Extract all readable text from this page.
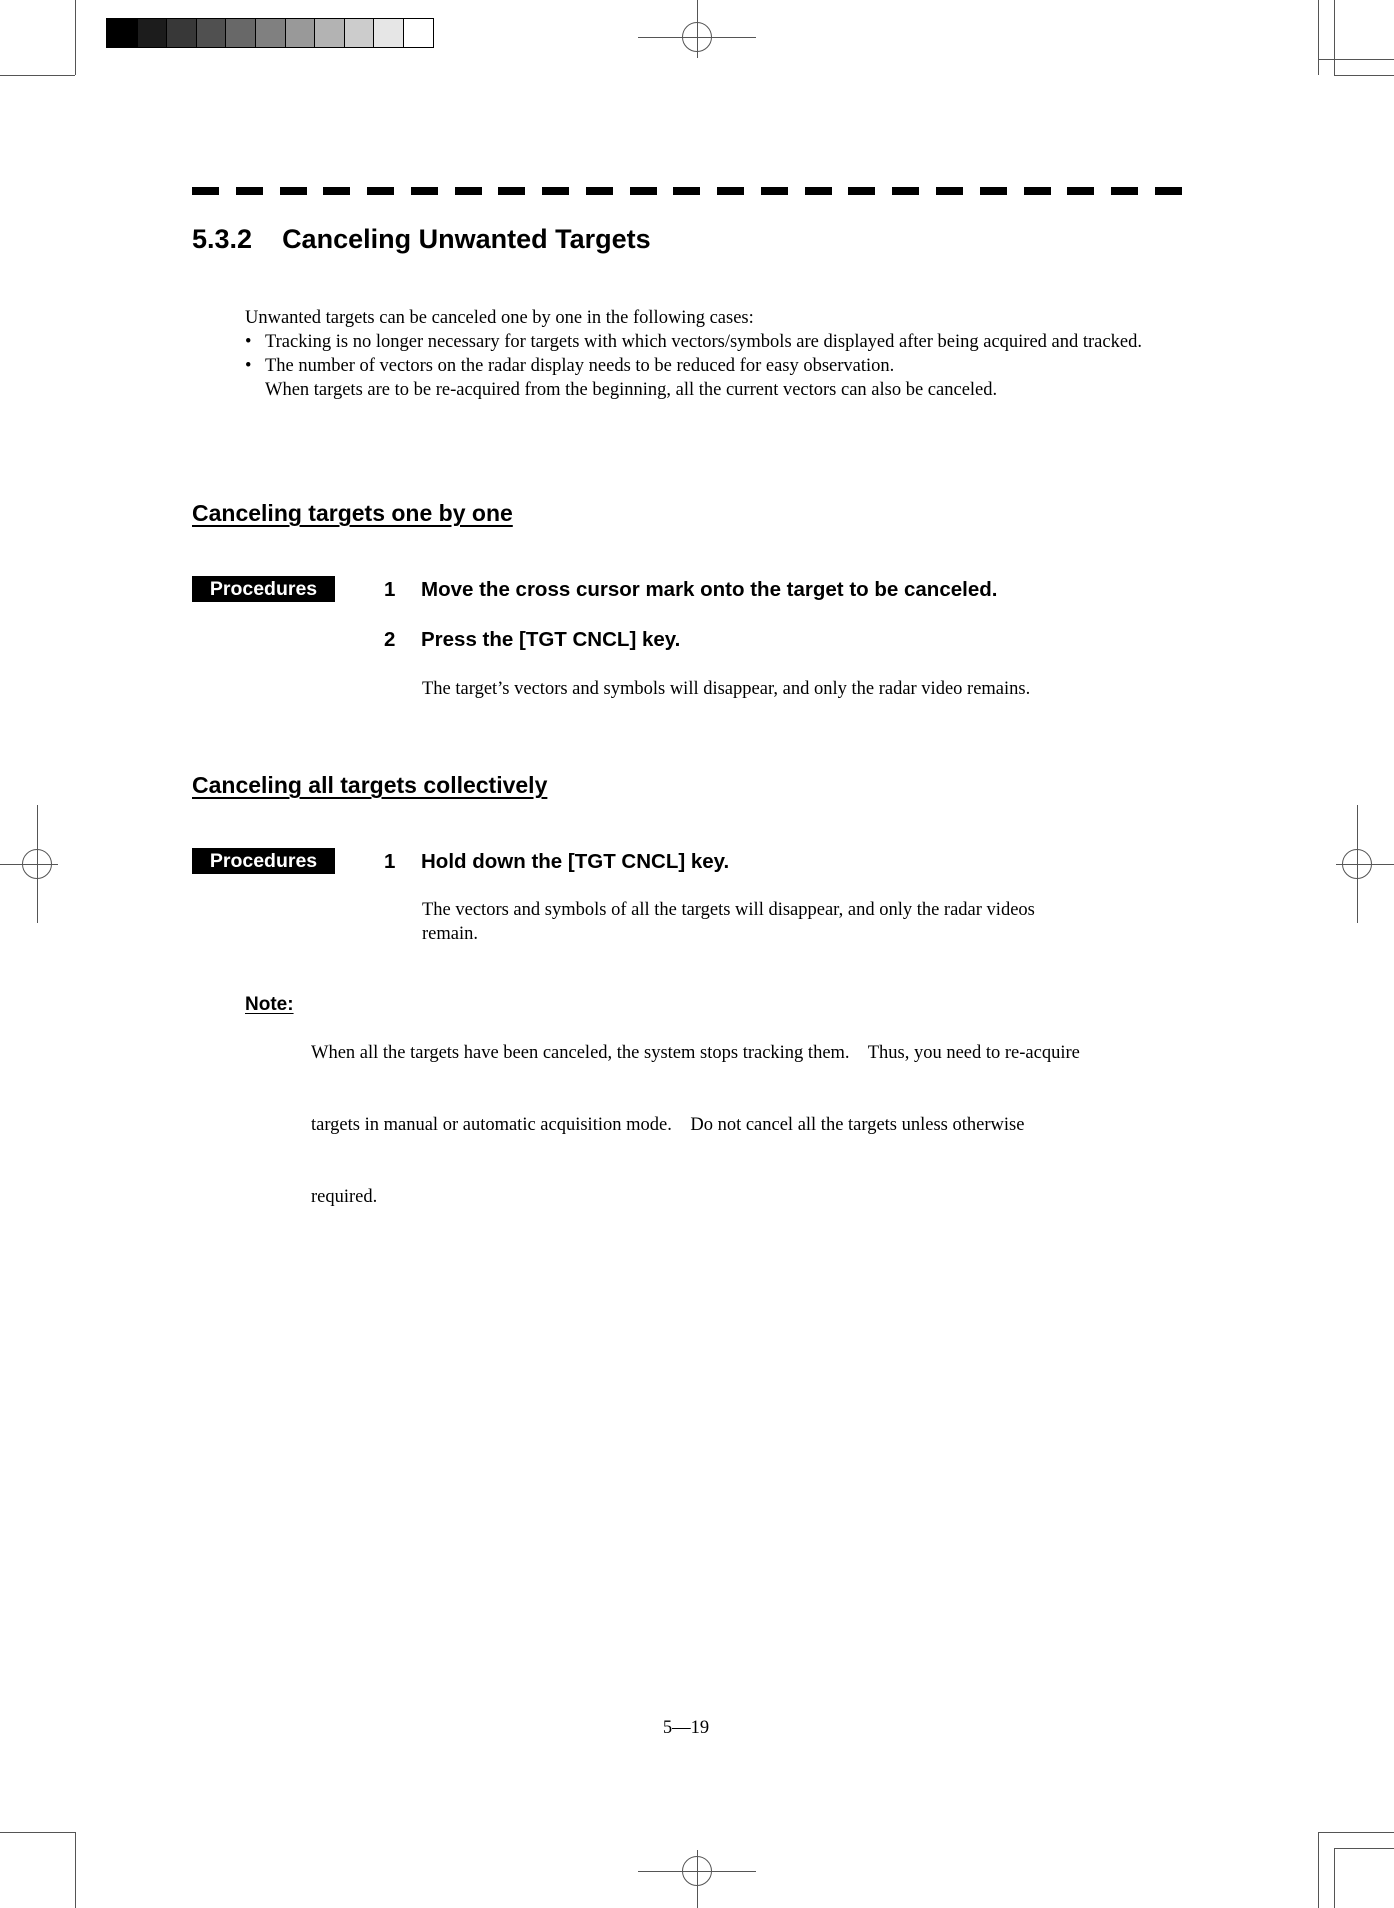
5.3.2 Canceling Unwanted Targets
Unwanted targets can be canceled one by one in the following cases:
• Tracking is no longer necessary for targets with which vectors/symbols are displayed after being acquired and tracked.
• The number of vectors on the radar display needs to be reduced for easy observation.
When targets are to be re-acquired from the beginning, all the current vectors can also be canceled.
Canceling targets one by one
Procedures	1 Move the cross cursor mark onto the target to be canceled.
2 Press the [TGT CNCL] key.
The target’s vectors and symbols will disappear, and only the radar video remains.
Canceling all targets collectively
Procedures	1 Hold down the [TGT CNCL] key.
The vectors and symbols of all the targets will disappear, and only the radar videos
remain.
Note:

When all the targets have been canceled, the system stops tracking them.    Thus, you need to re-acquire

targets in manual or automatic acquisition mode.    Do not cancel all the targets unless otherwise

required.

5—19
